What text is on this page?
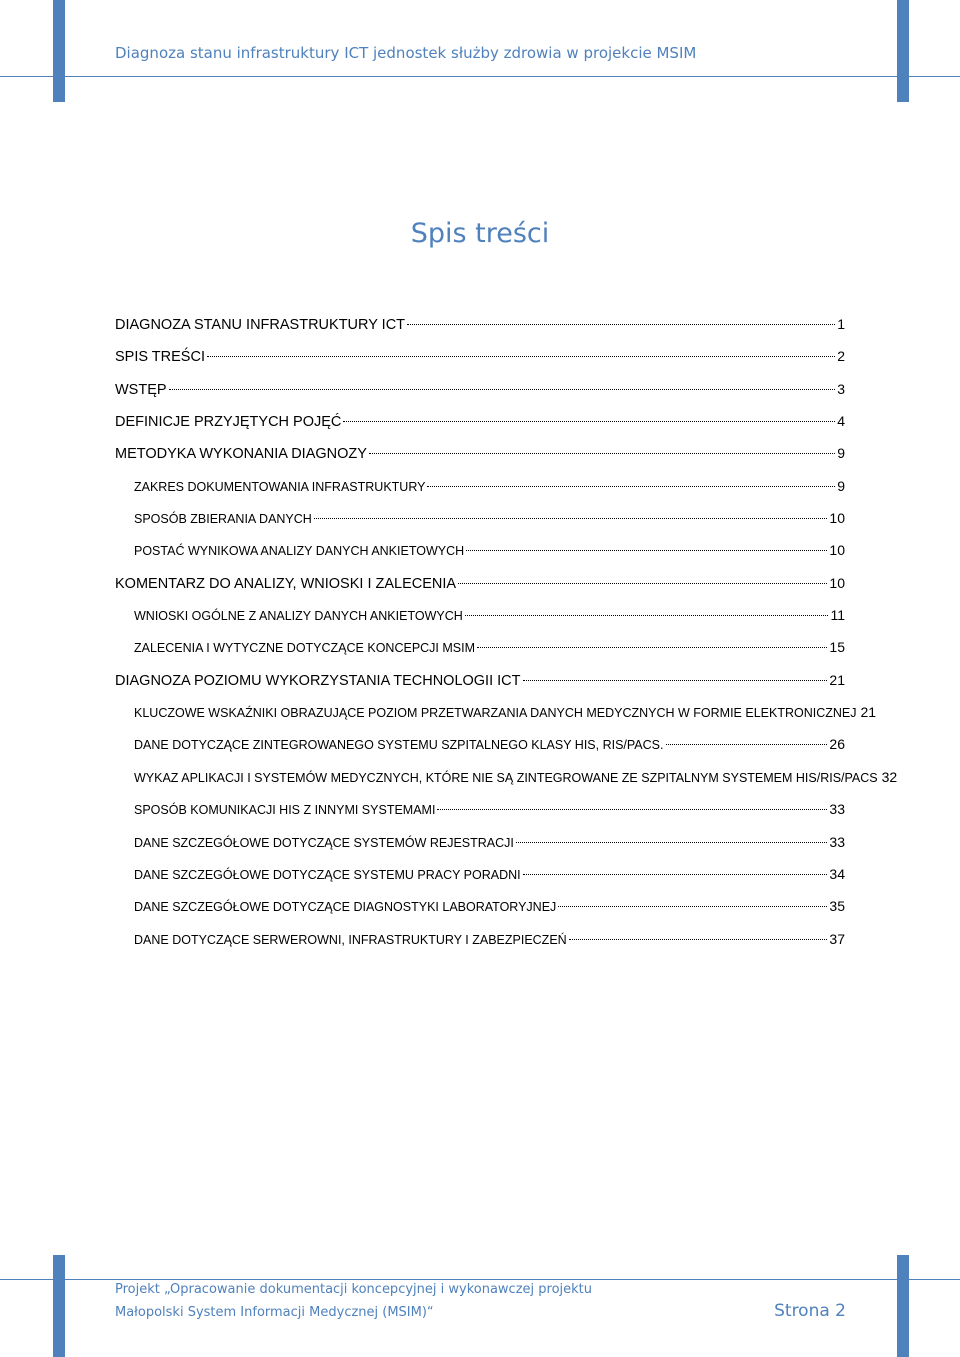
Diagnoza stanu infrastruktury ICT jednostek służby zdrowia w projekcie MSIM
Spis treści
DIAGNOZA STANU INFRASTRUKTURY ICT	1
SPIS TREŚCI	2
WSTĘP	3
DEFINICJE PRZYJĘTYCH POJĘĆ	4
METODYKA WYKONANIA DIAGNOZY	9
ZAKRES DOKUMENTOWANIA INFRASTRUKTURY	9
SPOSÓB ZBIERANIA DANYCH	10
POSTAĆ WYNIKOWA ANALIZY DANYCH ANKIETOWYCH	10
KOMENTARZ DO ANALIZY, WNIOSKI I ZALECENIA	10
WNIOSKI OGÓLNE Z ANALIZY DANYCH ANKIETOWYCH	11
ZALECENIA I WYTYCZNE DOTYCZĄCE KONCEPCJI MSIM	15
DIAGNOZA POZIOMU WYKORZYSTANIA TECHNOLOGII ICT	21
KLUCZOWE WSKAŹNIKI OBRAZUJĄCE POZIOM PRZETWARZANIA DANYCH MEDYCZNYCH W FORMIE ELEKTRONICZNEJ 21
DANE DOTYCZĄCE ZINTEGROWANEGO SYSTEMU SZPITALNEGO KLASY HIS, RIS/PACS.	26
WYKAZ APLIKACJI I SYSTEMÓW MEDYCZNYCH, KTÓRE NIE SĄ ZINTEGROWANE ZE SZPITALNYM SYSTEMEM HIS/RIS/PACS 32
SPOSÓB KOMUNIKACJI HIS Z INNYMI SYSTEMAMI	33
DANE SZCZEGÓŁOWE DOTYCZĄCE SYSTEMÓW REJESTRACJI	33
DANE SZCZEGÓŁOWE DOTYCZĄCE SYSTEMU PRACY PORADNI	34
DANE SZCZEGÓŁOWE DOTYCZĄCE DIAGNOSTYKI LABORATORYJNEJ	35
DANE DOTYCZĄCE SERWEROWNI, INFRASTRUKTURY I ZABEZPIECZEŃ	37
Projekt „Opracowanie dokumentacji koncepcyjnej i wykonawczej projektu
Małopolski System Informacji Medycznej (MSIM)“	Strona 2
